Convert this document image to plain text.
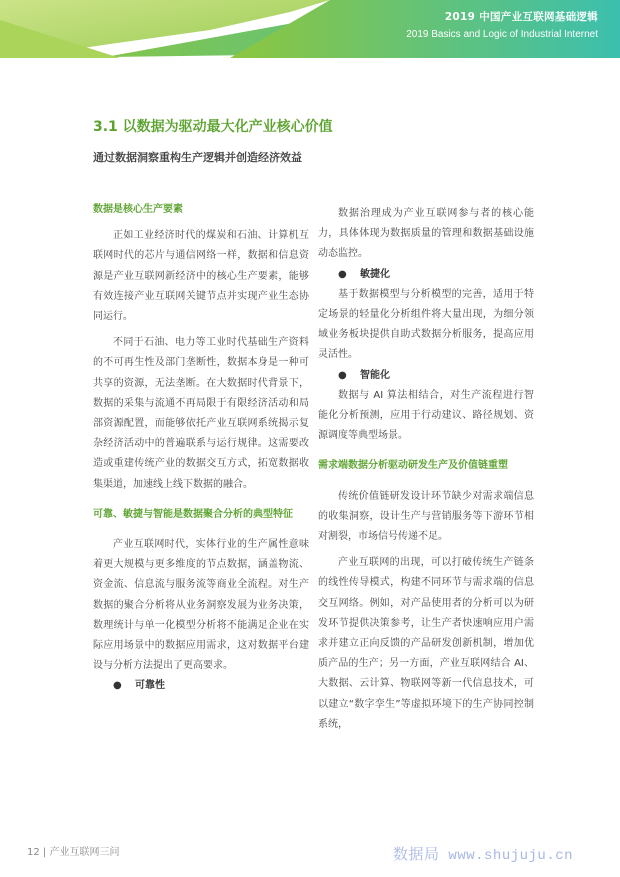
2019 中国产业互联网基础逻辑
2019 Basics and Logic of Industrial Internet
3.1 以数据为驱动最大化产业核心价值
通过数据洞察重构生产逻辑并创造经济效益

数据是核心生产要素

正如工业经济时代的煤炭和石油、计算机互联网时代的芯片与通信网络一样，数据和信息资源是产业互联网新经济中的核心生产要素，能够有效连接产业互联网关键节点并实现产业生态协同运行。

不同于石油、电力等工业时代基础生产资料的不可再生性及部门垄断性，数据本身是一种可共享的资源，无法垄断。在大数据时代背景下，数据的采集与流通不再局限于有限经济活动和局部资源配置，而能够依托产业互联网系统揭示复杂经济活动中的普遍联系与运行规律。这需要改造或重建传统产业的数据交互方式，拓宽数据收集渠道，加速线上线下数据的融合。

可靠、敏捷与智能是数据聚合分析的典型特征

产业互联网时代，实体行业的生产属性意味着更大规模与更多维度的节点数据，涵盖物流、资金流、信息流与服务流等商业全流程。对生产数据的聚合分析将从业务洞察发展为业务决策，数理统计与单一化模型分析将不能满足企业在实际应用场景中的数据应用需求，这对数据平台建设与分析方法提出了更高要求。

● 可靠性

数据治理成为产业互联网参与者的核心能力，具体体现为数据质量的管理和数据基础设施动态监控。

● 敏捷化

基于数据模型与分析模型的完善，适用于特定场景的轻量化分析组件将大量出现，为细分领域业务板块提供自助式数据分析服务，提高应用灵活性。

● 智能化

数据与 AI 算法相结合，对生产流程进行智能化分析预测，应用于行动建议、路径规划、资源调度等典型场景。

需求端数据分析驱动研发生产及价值链重塑

传统价值链研发设计环节缺少对需求端信息的收集洞察，设计生产与营销服务等下游环节相对割裂，市场信号传递不足。

产业互联网的出现，可以打破传统生产链条的线性传导模式，构建不同环节与需求端的信息交互网络。例如，对产品使用者的分析可以为研发环节提供决策参考，让生产者快速响应用户需求并建立正向反馈的产品研发创新机制，增加优质产品的生产；另一方面，产业互联网结合 AI、大数据、云计算、物联网等新一代信息技术，可以建立“数字孪生”等虚拟环境下的生产协同控制系统，

12 | 产业互联网三问	数据局 www.shujuju.cn
